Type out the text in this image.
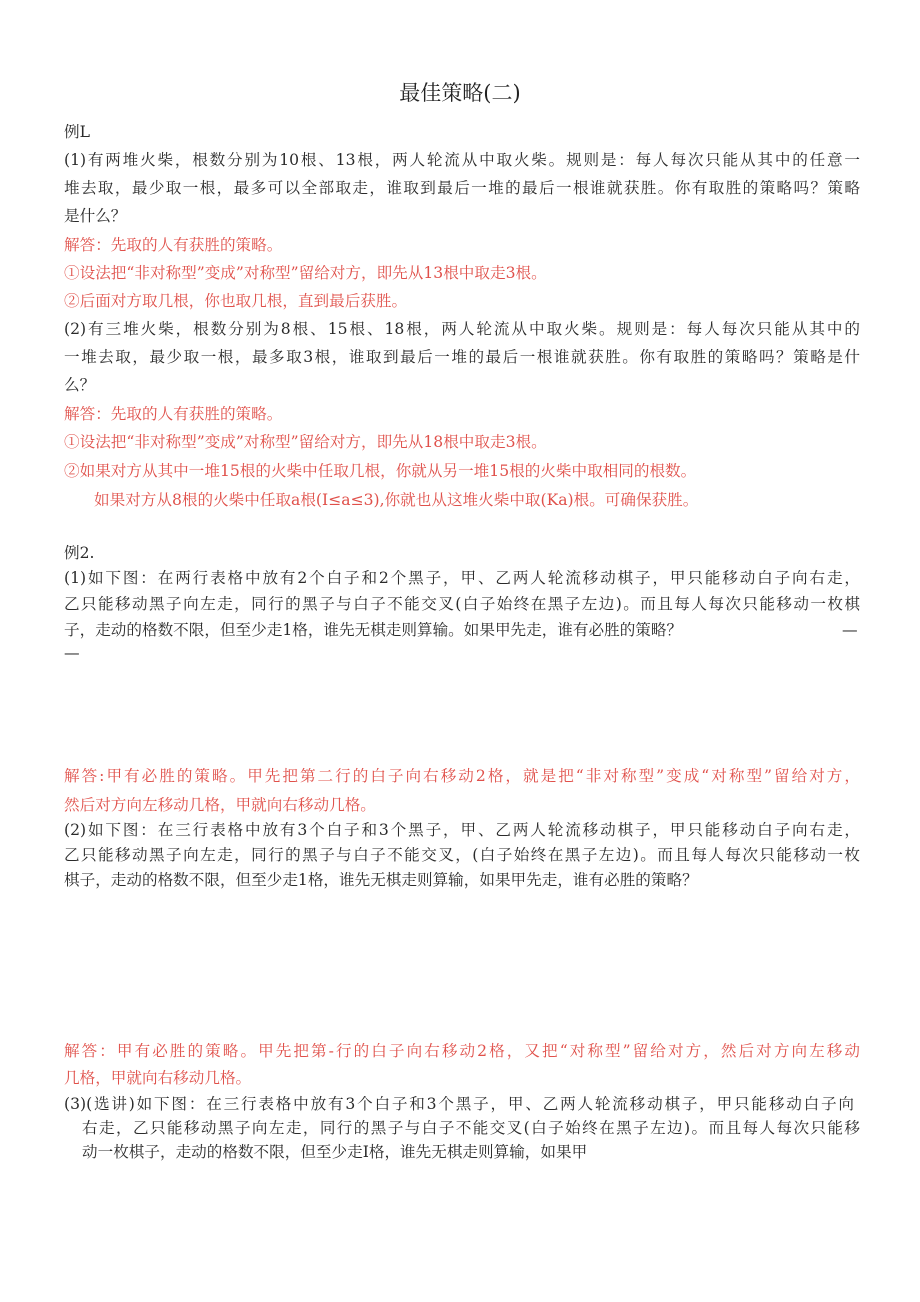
最佳策略(二)
例L
(1)有两堆火柴，根数分别为10根、13根，两人轮流从中取火柴。规则是：每人每次只能从其中的任意一
堆去取，最少取一根，最多可以全部取走，谁取到最后一堆的最后一根谁就获胜。你有取胜的策略吗？策略
是什么？
解答：先取的人有获胜的策略。
①设法把“非对称型”变成”对称型”留给对方，即先从13根中取走3根。
②后面对方取几根，你也取几根，直到最后获胜。
(2)有三堆火柴，根数分别为8根、15根、18根，两人轮流从中取火柴。规则是：每人每次只能从其中的
一堆去取，最少取一根，最多取3根，谁取到最后一堆的最后一根谁就获胜。你有取胜的策略吗？策略是什
么？
解答：先取的人有获胜的策略。
①设法把“非对称型”变成”对称型”留给对方，即先从18根中取走3根。
②如果对方从其中一堆15根的火柴中任取几根，你就从另一堆15根的火柴中取相同的根数。
如果对方从8根的火柴中任取a根(I≤a≤3),你就也从这堆火柴中取(Ka)根。可确保获胜。
例2.
(1)如下图：在两行表格中放有2个白子和2个黑子，甲、乙两人轮流移动棋子，甲只能移动白子向右走，
乙只能移动黑子向左走，同行的黑子与白子不能交叉(白子始终在黑子左边)。而且每人每次只能移动一枚棋
子，走动的格数不限，但至少走1格，谁先无棋走则算输。如果甲先走，谁有必胜的策略？	—
—
解答:甲有必胜的策略。甲先把第二行的白子向右移动2格，就是把“非对称型”变成“对称型”留给对方，
然后对方向左移动几格，甲就向右移动几格。
(2)如下图：在三行表格中放有3个白子和3个黑子，甲、乙两人轮流移动棋子，甲只能移动白子向右走，
乙只能移动黑子向左走，同行的黑子与白子不能交叉，(白子始终在黑子左边)。而且每人每次只能移动一枚
棋子，走动的格数不限，但至少走1格，谁先无棋走则算输，如果甲先走，谁有必胜的策略？
解答：甲有必胜的策略。甲先把第-行的白子向右移动2格，又把“对称型”留给对方，然后对方向左移动
几格，甲就向右移动几格。
(3)(选讲)如下图：在三行表格中放有3个白子和3个黑子，甲、乙两人轮流移动棋子，甲只能移动白子向
右走，乙只能移动黑子向左走，同行的黑子与白子不能交叉(白子始终在黑子左边)。而且每人每次只能移
动一枚棋子，走动的格数不限，但至少走I格，谁先无棋走则算输，如果甲
